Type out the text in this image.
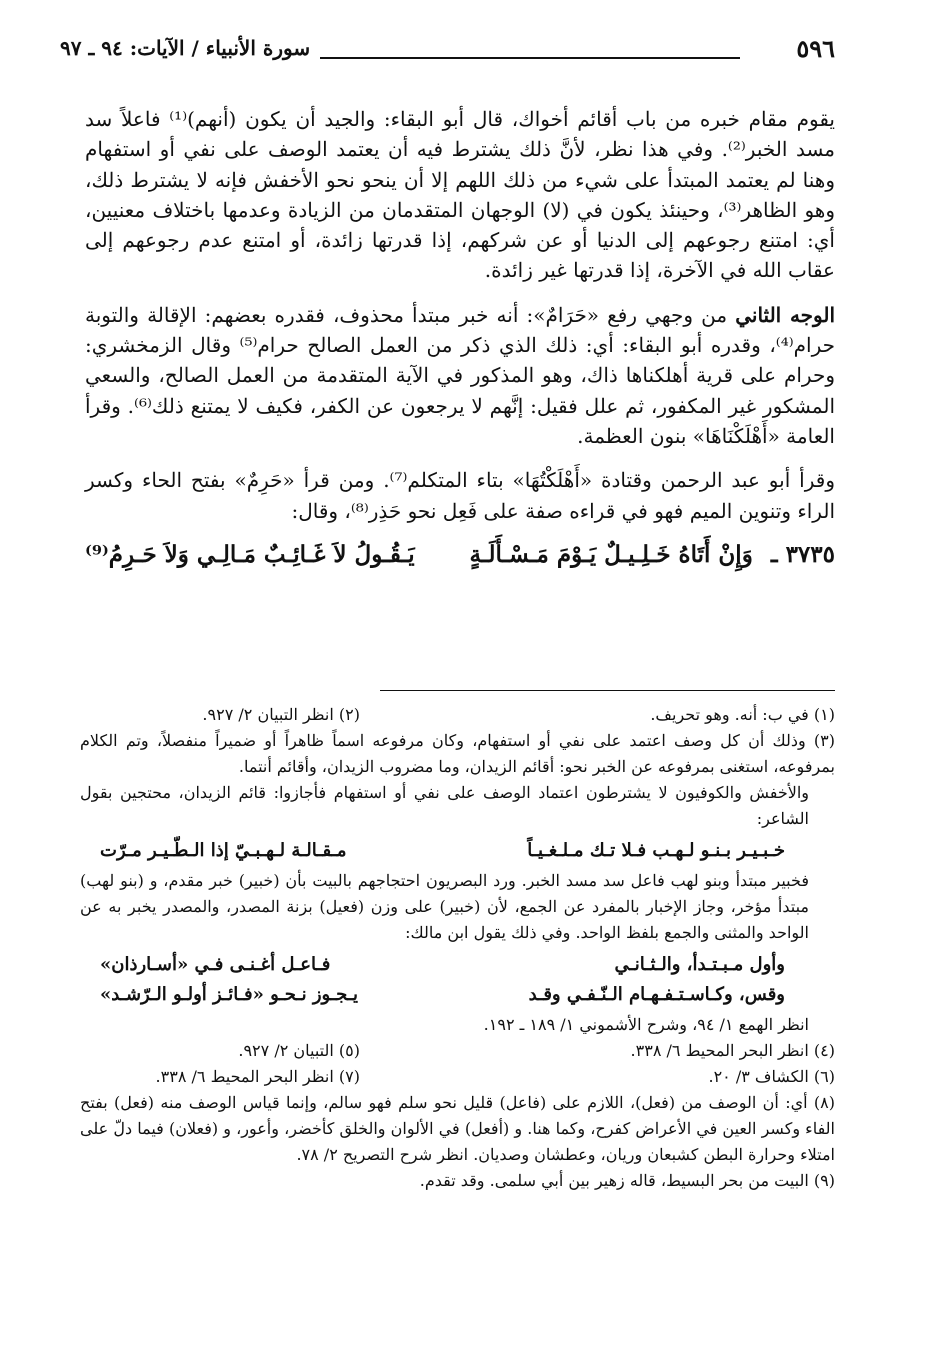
٥٩٦
سورة الأنبياء / الآيات: ٩٤ ـ ٩٧

يقوم مقام خبره من باب أقائم أخواك، قال أبو البقاء: والجيد أن يكون (أنهم)⁽¹⁾ فاعلاً سد مسد الخبر⁽²⁾. وفي هذا نظر، لأنَّ ذلك يشترط فيه أن يعتمد الوصف على نفي أو استفهام وهنا لم يعتمد المبتدأ على شيء من ذلك اللهم إلا أن ينحو نحو الأخفش فإنه لا يشترط ذلك، وهو الظاهر⁽³⁾، وحينئذ يكون في (لا) الوجهان المتقدمان من الزيادة وعدمها باختلاف معنيين، أي: امتنع رجوعهم إلى الدنيا أو عن شركهم، إذا قدرتها زائدة، أو امتنع عدم رجوعهم إلى عقاب الله في الآخرة، إذا قدرتها غير زائدة.

الوجه الثاني من وجهي رفع «حَرَامٌ»: أنه خبر مبتدأ محذوف، فقدره بعضهم: الإقالة والتوبة حرام⁽⁴⁾، وقدره أبو البقاء: أي: ذلك الذي ذكر من العمل الصالح حرام⁽⁵⁾ وقال الزمخشري: وحرام على قرية أهلكناها ذاك، وهو المذكور في الآية المتقدمة من العمل الصالح، والسعي المشكور غير المكفور، ثم علل فقيل: إنَّهم لا يرجعون عن الكفر، فكيف لا يمتنع ذلك⁽⁶⁾. وقرأ العامة «أَهْلَكْنَاهَا» بنون العظمة.

وقرأ أبو عبد الرحمن وقتادة «أَهْلَكْتُهَا» بتاء المتكلم⁽⁷⁾. ومن قرأ «حَرِمٌ» بفتح الحاء وكسر الراء وتنوين الميم فهو في قراءه صفة على فَعِل نحو حَذِر⁽⁸⁾، وقال:

٣٧٣٥ ـ وَإِنْ أَتَاهُ خَـلِـيـلٌ يَـوْمَ مَـسْـأَلَـةٍ
يَـقُـولُ لاَ غَـائِـبٌ مَـالِـي وَلاَ حَـرِمُ⁽⁹⁾
(١) في ب: أنه. وهو تحريف.
(٢) انظر التبيان ٢/ ٩٢٧.

(٣) وذلك أن كل وصف اعتمد على نفي أو استفهام، وكان مرفوعه اسماً ظاهراً أو ضميراً منفصلاً، وتم الكلام بمرفوعه، استغنى بمرفوعه عن الخبر نحو: أقائم الزيدان، وما مضروب الزيدان، وأقائم أنتما.

والأخفش والكوفيون لا يشترطون اعتماد الوصف على نفي أو استفهام فأجازوا: قائم الزيدان، محتجين بقول الشاعر:

خـبـيـر بـنـو لـهـب فـلا تـك مـلـغـيـاً
مـقـالـة لـهـبـيّ إذا الـطّـيـر مـرّت

فخبير مبتدأ وبنو لهب فاعل سد مسد الخبر. ورد البصريون احتجاجهم بالبيت بأن (خبير) خبر مقدم، و (بنو لهب) مبتدأ مؤخر، وجاز الإخبار بالمفرد عن الجمع، لأن (خبير) على وزن (فعيل) بزنة المصدر، والمصدر يخبر به عن الواحد والمثنى والجمع بلفظ الواحد. وفي ذلك يقول ابن مالك:

وأول مـبـتـدأ، والـثـانـي
فـاعـل أغـنـى فـي «أسـارذان»
وقس، وكـاسـتـفـهـام الـنّـفـي وقـد
يـجـوز نـحـو «فـائـز أولـو الـرّشـد»

انظر الهمع ١/ ٩٤، وشرح الأشموني ١/ ١٨٩ ـ ١٩٢.

(٤) انظر البحر المحيط ٦/ ٣٣٨.
(٥) التبيان ٢/ ٩٢٧.
(٦) الكشاف ٣/ ٢٠.
(٧) انظر البحر المحيط ٦/ ٣٣٨.

(٨) أي: أن الوصف من (فعل)، اللازم على (فاعل) قليل نحو سلم فهو سالم، وإنما قياس الوصف منه (فعل) بفتح الفاء وكسر العين في الأعراض كفرح، وكما هنا. و (أفعل) في الألوان والخلق كأخضر، وأعور، و (فعلان) فيما دلّ على امتلاء وحرارة البطن كشبعان وريان، وعطشان وصديان. انظر شرح التصريح ٢/ ٧٨.

(٩) البيت من بحر البسيط، قاله زهير بين أبي سلمى. وقد تقدم.
